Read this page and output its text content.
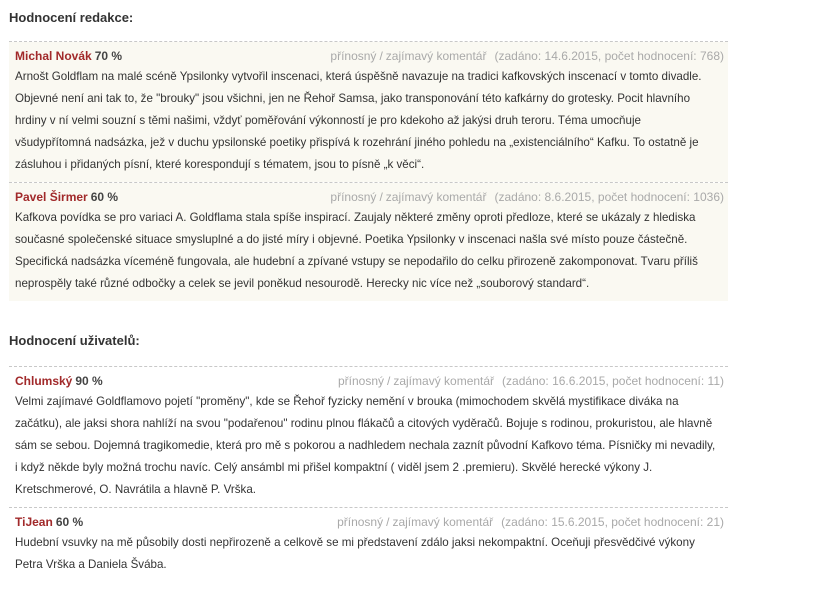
Hodnocení redakce:
Michal Novák 70 %	přínosný / zajímavý komentář (zadáno: 14.6.2015, počet hodnocení: 768)

Arnošt Goldflam na malé scéně Ypsilonky vytvořil inscenaci, která úspěšně navazuje na tradici kafkovských inscenací v tomto divadle. Objevné není ani tak to, že "brouky" jsou všichni, jen ne Řehoř Samsa, jako transponování této kafkárny do grotesky. Pocit hlavního hrdiny v ní velmi souzní s těmi našimi, vždyť poměřování výkonností je pro kdekoho až jakýsi druh teroru. Téma umocňuje všudypřítomná nadsázka, jež v duchu ypsilonské poetiky přispívá k rozehrání jiného pohledu na „existenciálního“ Kafku. To ostatně je zásluhou i přidaných písní, které korespondují s tématem, jsou to písně „k věci“.

Pavel Širmer 60 %	přínosný / zajímavý komentář (zadáno: 8.6.2015, počet hodnocení: 1036)

Kafkova povídka se pro variaci A. Goldflama stala spíše inspirací. Zaujaly některé změny oproti předloze, které se ukázaly z hlediska současné společenské situace smysluplné a do jisté míry i objevné. Poetika Ypsilonky v inscenaci našla své místo pouze částečně. Specifická nadsázka víceméně fungovala, ale hudební a zpívané vstupy se nepodařilo do celku přirozeně zakomponovat. Tvaru příliš neprospěly také různé odbočky a celek se jevil poněkud nesourodě. Herecky nic více než „souborový standard“.

Hodnocení uživatelů:
Chlumský 90 %	přínosný / zajímavý komentář (zadáno: 16.6.2015, počet hodnocení: 11)

Velmi zajímavé Goldflamovo pojetí "proměny", kde se Řehoř fyzicky nemění v brouka (mimochodem skvělá mystifikace diváka na začátku), ale jaksi shora nahlíží na svou "podařenou" rodinu plnou flákačů a citových vyděračů. Bojuje s rodinou, prokuristou, ale hlavně sám se sebou. Dojemná tragikomedie, která pro mě s pokorou a nadhledem nechala zaznít původní Kafkovo téma. Písničky mi nevadily, i když někde byly možná trochu navíc. Celý ansámbl mi přišel kompaktní ( viděl jsem 2 .premieru). Skvělé herecké výkony J. Kretschmerové, O. Navrátila a hlavně P. Vrška.

TiJean 60 %	přínosný / zajímavý komentář (zadáno: 15.6.2015, počet hodnocení: 21)

Hudební vsuvky na mě působily dosti nepřirozeně a celkově se mi představení zdálo jaksi nekompaktní. Oceňuji přesvědčivé výkony Petra Vrška a Daniela Švába.
